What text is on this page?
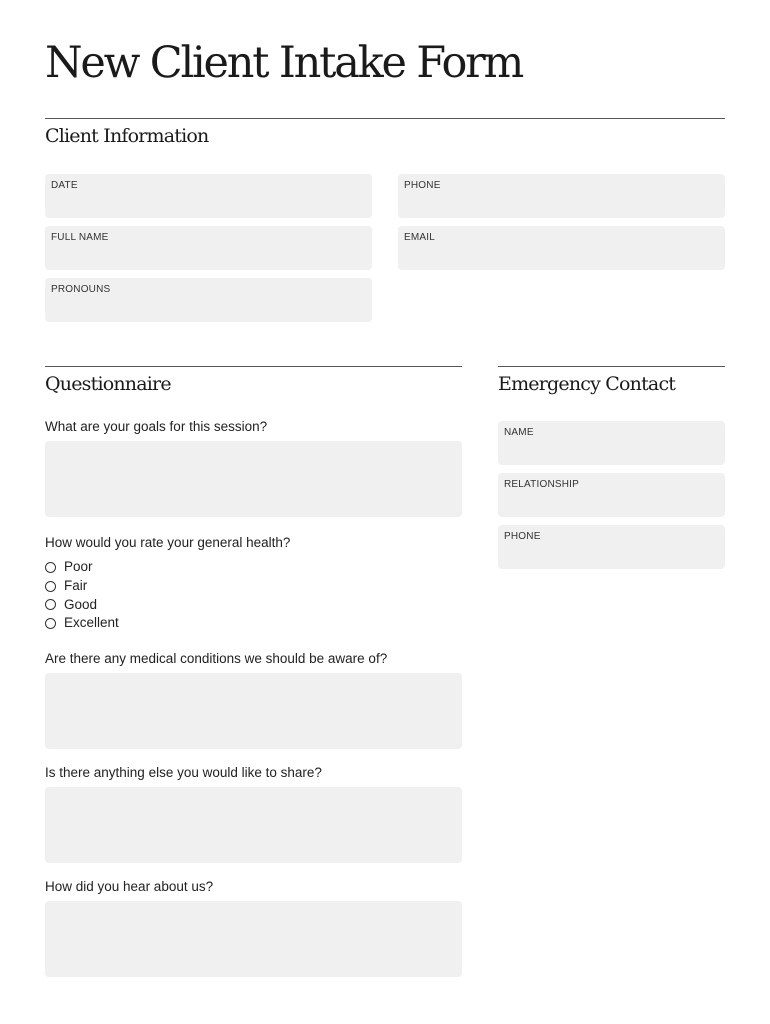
New Client Intake Form
Client Information
DATE	PHONE
FULL NAME	EMAIL
PRONOUNS
Questionnaire

What are your goals for this session?

How would you rate your general health?

Poor
Fair
Good
Excellent

Are there any medical conditions we should be aware of?

Is there anything else you would like to share?

How did you hear about us?

Emergency Contact
NAME
RELATIONSHIP
PHONE
